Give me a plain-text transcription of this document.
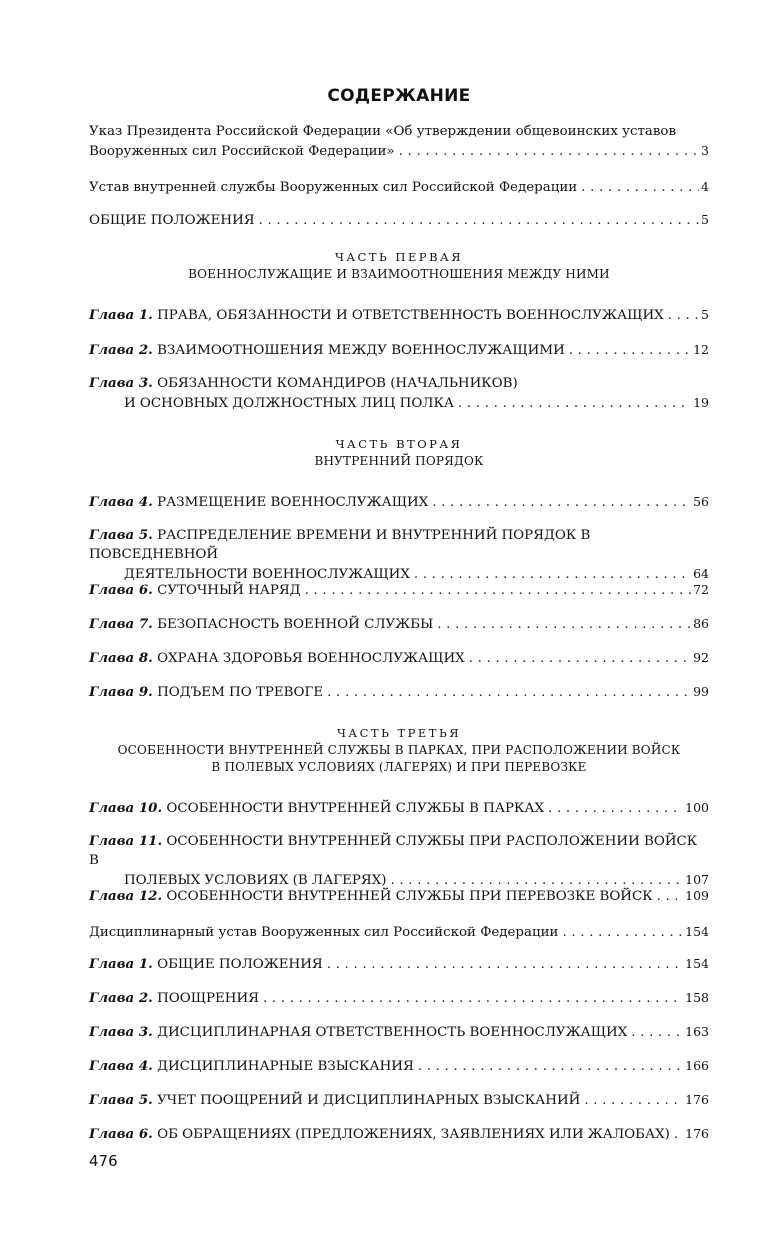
СОДЕРЖАНИЕ
Указ Президента Российской Федерации «Об утверждении общевоинских уставов
Вооруженных сил Российской Федерации» . . .	3
Устав внутренней службы Вооруженных сил Российской Федерации . . .	4
ОБЩИЕ ПОЛОЖЕНИЯ . . .	5
ЧАСТЬ ПЕРВАЯ
ВОЕННОСЛУЖАЩИЕ И ВЗАИМООТНОШЕНИЯ МЕЖДУ НИМИ
Глава 1. ПРАВА, ОБЯЗАННОСТИ И ОТВЕТСТВЕННОСТЬ ВОЕННОСЛУЖАЩИХ . . .	5
Глава 2. ВЗАИМООТНОШЕНИЯ МЕЖДУ ВОЕННОСЛУЖАЩИМИ . . .	12
Глава 3. ОБЯЗАННОСТИ КОМАНДИРОВ (НАЧАЛЬНИКОВ)
И ОСНОВНЫХ ДОЛЖНОСТНЫХ ЛИЦ ПОЛКА . . .	19
ЧАСТЬ ВТОРАЯ
ВНУТРЕННИЙ ПОРЯДОК
Глава 4. РАЗМЕЩЕНИЕ ВОЕННОСЛУЖАЩИХ . . .	56
Глава 5. РАСПРЕДЕЛЕНИЕ ВРЕМЕНИ И ВНУТРЕННИЙ ПОРЯДОК В ПОВСЕДНЕВНОЙ
ДЕЯТЕЛЬНОСТИ ВОЕННОСЛУЖАЩИХ . . .	64
Глава 6. СУТОЧНЫЙ НАРЯД . . .	72
Глава 7. БЕЗОПАСНОСТЬ ВОЕННОЙ СЛУЖБЫ . . .	86
Глава 8. ОХРАНА ЗДОРОВЬЯ ВОЕННОСЛУЖАЩИХ . . .	92
Глава 9. ПОДЪЕМ ПО ТРЕВОГЕ . . .	99
ЧАСТЬ ТРЕТЬЯ
ОСОБЕННОСТИ ВНУТРЕННЕЙ СЛУЖБЫ В ПАРКАХ, ПРИ РАСПОЛОЖЕНИИ ВОЙСК
В ПОЛЕВЫХ УСЛОВИЯХ (ЛАГЕРЯХ) И ПРИ ПЕРЕВОЗКЕ
Глава 10. ОСОБЕННОСТИ ВНУТРЕННЕЙ СЛУЖБЫ В ПАРКАХ . . .	100
Глава 11. ОСОБЕННОСТИ ВНУТРЕННЕЙ СЛУЖБЫ ПРИ РАСПОЛОЖЕНИИ ВОЙСК В
ПОЛЕВЫХ УСЛОВИЯХ (В ЛАГЕРЯХ) . . .	107
Глава 12. ОСОБЕННОСТИ ВНУТРЕННЕЙ СЛУЖБЫ ПРИ ПЕРЕВОЗКЕ ВОЙСК . . .	109
Дисциплинарный устав Вооруженных сил Российской Федерации . . .	154
Глава 1. ОБЩИЕ ПОЛОЖЕНИЯ . . .	154
Глава 2. ПООЩРЕНИЯ . . .	158
Глава 3. ДИСЦИПЛИНАРНАЯ ОТВЕТСТВЕННОСТЬ ВОЕННОСЛУЖАЩИХ . . .	163
Глава 4. ДИСЦИПЛИНАРНЫЕ ВЗЫСКАНИЯ . . .	166
Глава 5. УЧЕТ ПООЩРЕНИЙ И ДИСЦИПЛИНАРНЫХ ВЗЫСКАНИЙ . . .	176
Глава 6. ОБ ОБРАЩЕНИЯХ (ПРЕДЛОЖЕНИЯХ, ЗАЯВЛЕНИЯХ ИЛИ ЖАЛОБАХ) . . . 176
476
